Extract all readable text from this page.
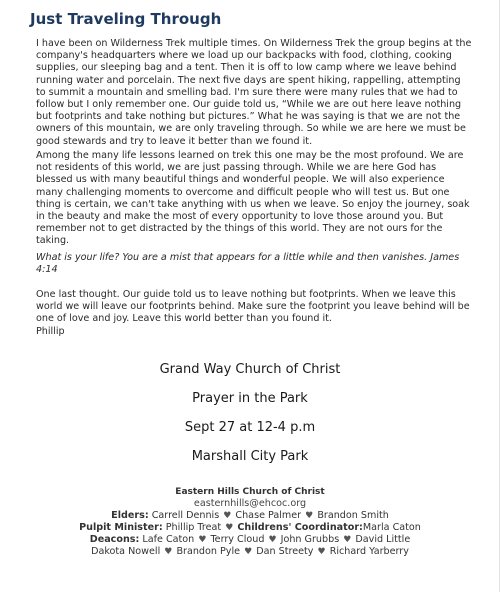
Just Traveling Through

I have been on Wilderness Trek multiple times. On Wilderness Trek the group begins at the company's headquarters where we load up our backpacks with food, clothing, cooking supplies, our sleeping bag and a tent. Then it is off to low camp where we leave behind running water and porcelain. The next five days are spent hiking, rappelling, attempting to summit a mountain and smelling bad. I'm sure there were many rules that we had to follow but I only remember one. Our guide told us, “While we are out here leave nothing but footprints and take nothing but pictures.” What he was saying is that we are not the owners of this mountain, we are only traveling through. So while we are here we must be good stewards and try to leave it better than we found it.

Among the many life lessons learned on trek this one may be the most profound. We are not residents of this world, we are just passing through. While we are here God has blessed us with many beautiful things and wonderful people. We will also experience many challenging moments to overcome and difficult people who will test us. But one thing is certain, we can't take anything with us when we leave. So enjoy the journey, soak in the beauty and make the most of every opportunity to love those around you. But remember not to get distracted by the things of this world. They are not ours for the taking.

What is your life? You are a mist that appears for a little while and then vanishes. James 4:14

One last thought. Our guide told us to leave nothing but footprints. When we leave this world we will leave our footprints behind. Make sure the footprint you leave behind will be one of love and joy. Leave this world better than you found it.

Phillip

Grand Way Church of Christ
Prayer in the Park
Sept 27 at 12-4 p.m
Marshall City Park
Eastern Hills Church of Christ
easternhills@ehcoc.org
Elders: Carrell Dennis ♥ Chase Palmer ♥ Brandon Smith
Pulpit Minister: Phillip Treat ♥ Childrens' Coordinator:Marla Caton
Deacons: Lafe Caton ♥ Terry Cloud ♥ John Grubbs ♥ David Little
Dakota Nowell ♥ Brandon Pyle ♥ Dan Streety ♥ Richard Yarberry
